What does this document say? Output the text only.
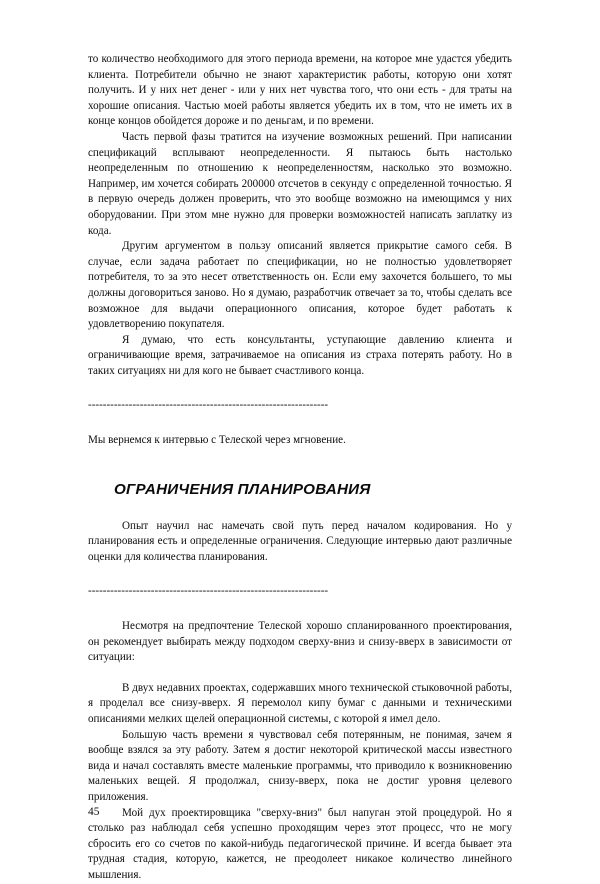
то количество необходимого для этого периода времени, на которое мне удастся убедить клиента. Потребители обычно не знают характеристик работы, которую они хотят получить. И у них нет денег - или у них нет чувства того, что они есть - для траты на хорошие описания. Частью моей работы является убедить их в том, что не иметь их в конце концов обойдется дороже и по деньгам, и по времени.

Часть первой фазы тратится на изучение возможных решений. При написании спецификаций всплывают неопределенности. Я пытаюсь быть настолько неопределенным по отношению к неопределенностям, насколько это возможно. Например, им хочется собирать 200000 отсчетов в секунду с определенной точностью. Я в первую очередь должен проверить, что это вообще возможно на имеющимся у них оборудовании. При этом мне нужно для проверки возможностей написать заплатку из кода.

Другим аргументом в пользу описаний является прикрытие самого себя. В случае, если задача работает по спецификации, но не полностью удовлетворяет потребителя, то за это несет ответственность он. Если ему захочется большего, то мы должны договориться заново. Но я думаю, разработчик отвечает за то, чтобы сделать все возможное для выдачи операционного описания, которое будет работать к удовлетворению покупателя.

Я думаю, что есть консультанты, уступающие давлению клиента и ограничивающие время, затрачиваемое на описания из страха потерять работу. Но в таких ситуациях ни для кого не бывает счастливого конца.

-----------------------------------------------------------------

Мы вернемся к интервью с Телеской через мгновение.

ОГРАНИЧЕНИЯ ПЛАНИРОВАНИЯ

Опыт научил нас намечать свой путь перед началом кодирования. Но у планирования есть и определенные ограничения. Следующие интервью дают различные оценки для количества планирования.

-----------------------------------------------------------------

Несмотря на предпочтение Телеской хорошо спланированного проектирования, он рекомендует выбирать между подходом сверху-вниз и снизу-вверх в зависимости от ситуации:

В двух недавних проектах, содержавших много технической стыковочной работы, я проделал все снизу-вверх. Я перемолол кипу бумаг с данными и техническими описаниями мелких щелей операционной системы, с которой я имел дело.

Большую часть времени я чувствовал себя потерянным, не понимая, зачем я вообще взялся за эту работу. Затем я достиг некоторой критической массы известного вида и начал составлять вместе маленькие программы, что приводило к возникновению маленьких вещей. Я продолжал, снизу-вверх, пока не достиг уровня целевого приложения.

Мой дух проектировщика "сверху-вниз" был напуган этой процедурой. Но я столько раз наблюдал себя успешно проходящим через этот процесс, что не могу сбросить его со счетов по какой-нибудь педагогической причине. И всегда бывает эта трудная стадия, которую, кажется, не преодолеет никакое количество линейного мышления.

45
